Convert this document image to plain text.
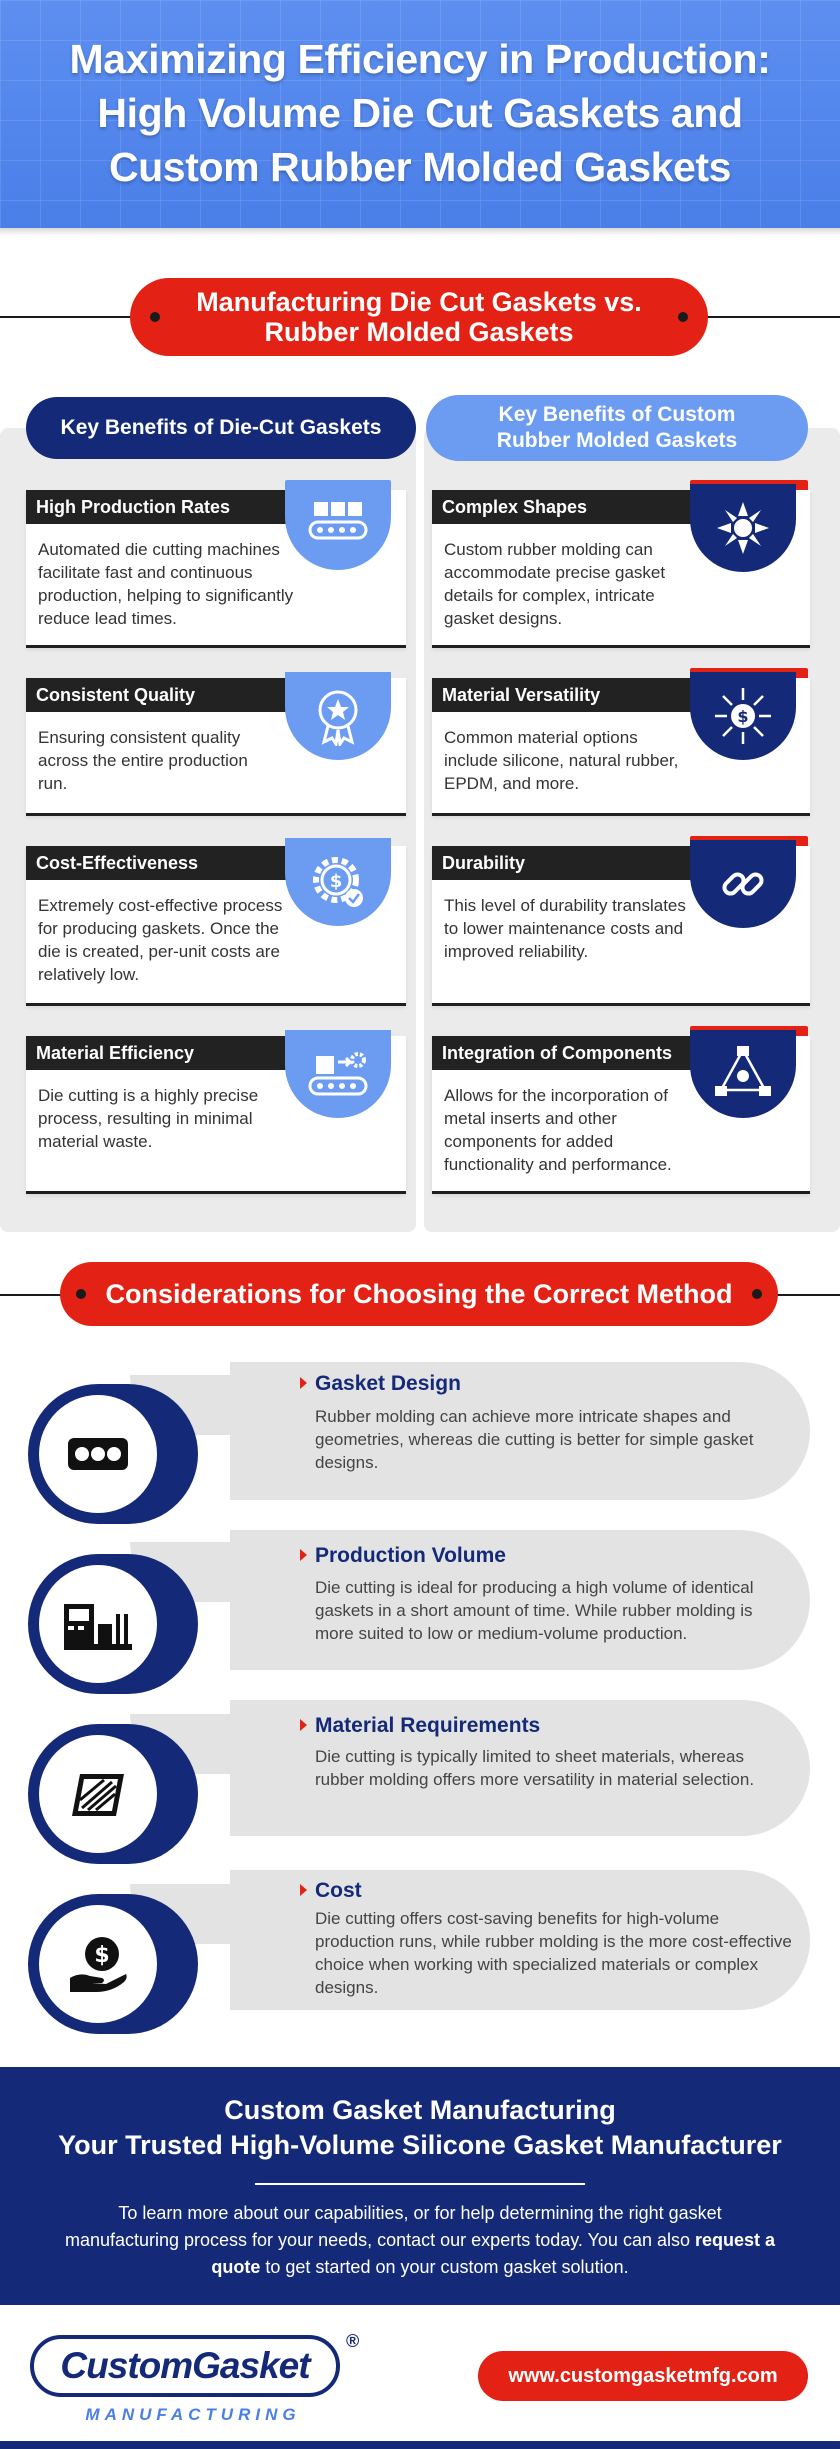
Maximizing Efficiency in Production:
High Volume Die Cut Gaskets and
Custom Rubber Molded Gaskets
Manufacturing Die Cut Gaskets vs.
Rubber Molded Gaskets
Key Benefits of Die-Cut Gaskets
Key Benefits of Custom
Rubber Molded Gaskets
High Production Rates
Automated die cutting machines facilitate fast and continuous production, helping to significantly reduce lead times.
Consistent Quality
Ensuring consistent quality across the entire production run.
Cost-Effectiveness
Extremely cost-effective process for producing gaskets. Once the die is created, per-unit costs are relatively low.
$
Material Efficiency
Die cutting is a highly precise process, resulting in minimal material waste.
Complex Shapes
Custom rubber molding can accommodate precise gasket details for complex, intricate gasket designs.
Material Versatility
Common material options include silicone, natural rubber, EPDM, and more.
$
Durability
This level of durability translates to lower maintenance costs and improved reliability.
Integration of Components
Allows for the incorporation of metal inserts and other components for added functionality and performance.
Considerations for Choosing the Correct Method
Gasket Design
Rubber molding can achieve more intricate shapes and geometries, whereas die cutting is better for simple gasket designs.
Production Volume
Die cutting is ideal for producing a high volume of identical gaskets in a short amount of time. While rubber molding is more suited to low or medium-volume production.
Material Requirements
Die cutting is typically limited to sheet materials, whereas rubber molding offers more versatility in material selection.
$
Cost
Die cutting offers cost-saving benefits for high-volume production runs, while rubber molding is the more cost-effective choice when working with specialized materials or complex designs.
Custom Gasket Manufacturing
Your Trusted High-Volume Silicone Gasket Manufacturer
To learn more about our capabilities, or for help determining the right gasket manufacturing process for your needs, contact our experts today. You can also request a quote to get started on your custom gasket solution.
CustomGasket
®
MANUFACTURING
www.customgasketmfg.com
